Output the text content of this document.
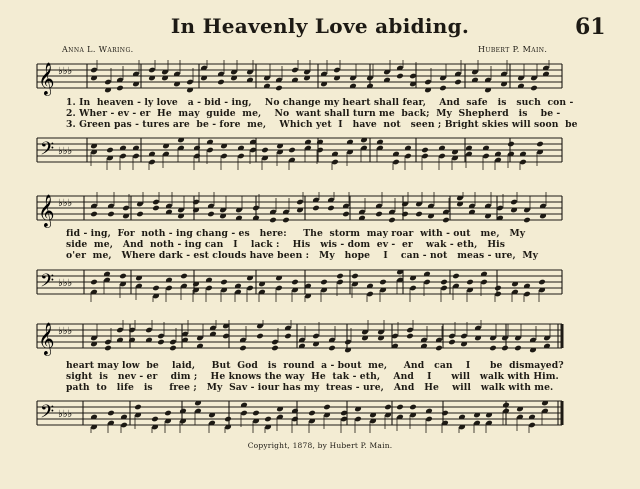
In Heavenly Love abiding.	61
Anna L. Waring.	Hubert P. Main.
𝄞 ♭♭♭
1. In  heaven - ly love   a - bid - ing,    No change my heart shall fear,    And  safe   is   such  con -
2. Wher - ev - er  He  may  guide  me,    No  want shall turn me  back;  My  Shepherd   is    be -
3. Green pas - tures are  be - fore  me,    Which yet  I   have  not   seen ; Bright skies will soon  be
𝄢 ♭♭♭
𝄞 ♭♭♭
fid - ing,  For  noth - ing chang - es   here:     The  storm  may roar  with - out   me,   My
side  me,   And  noth - ing can   I    lack :    His   wis - dom  ev -  er    wak - eth,   His
o'er  me,   Where dark - est clouds have been :   My   hope    I    can - not   meas - ure,  My
𝄢 ♭♭♭
𝄞 ♭♭♭
heart may low  be    laid,     But  God   is  round  a - bout  me,     And   can    I      be  dismayed?
sight  is   nev - er    dim ;    He knows the way  He  tak - eth,    And    I      will   walk with Him.
path  to   life   is     free ;   My  Sav - iour has my  treas - ure,   And   He    will   walk with me.
𝄢 ♭♭♭
Copyright, 1878, by Hubert P. Main.
